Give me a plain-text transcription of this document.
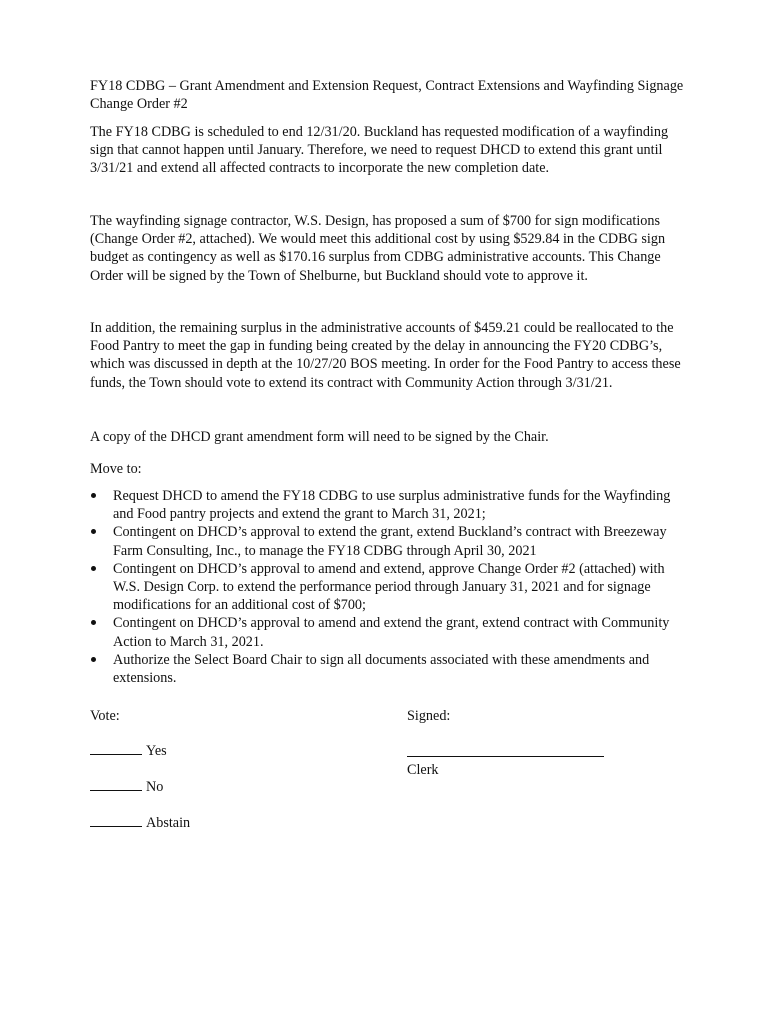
FY18 CDBG – Grant Amendment and Extension Request, Contract Extensions and Wayfinding Signage Change Order #2

The FY18 CDBG is scheduled to end 12/31/20. Buckland has requested modification of a wayfinding sign that cannot happen until January. Therefore, we need to request DHCD to extend this grant until 3/31/21 and extend all affected contracts to incorporate the new completion date.

The wayfinding signage contractor, W.S. Design, has proposed a sum of $700 for sign modifications (Change Order #2, attached). We would meet this additional cost by using $529.84 in the CDBG sign budget as contingency as well as $170.16 surplus from CDBG administrative accounts. This Change Order will be signed by the Town of Shelburne, but Buckland should vote to approve it.

In addition, the remaining surplus in the administrative accounts of $459.21 could be reallocated to the Food Pantry to meet the gap in funding being created by the delay in announcing the FY20 CDBG’s, which was discussed in depth at the 10/27/20 BOS meeting. In order for the Food Pantry to access these funds, the Town should vote to extend its contract with Community Action through 3/31/21.

A copy of the DHCD grant amendment form will need to be signed by the Chair.

Move to:

Request DHCD to amend the FY18 CDBG to use surplus administrative funds for the Wayfinding and Food pantry projects and extend the grant to March 31, 2021;
Contingent on DHCD’s approval to extend the grant, extend Buckland’s contract with Breezeway Farm Consulting, Inc., to manage the FY18 CDBG through April 30, 2021
Contingent on DHCD’s approval to amend and extend, approve Change Order #2 (attached) with W.S. Design Corp. to extend the performance period through January 31, 2021 and for signage modifications for an additional cost of $700;
Contingent on DHCD’s approval to amend and extend the grant, extend contract with Community Action to March 31, 2021.
Authorize the Select Board Chair to sign all documents associated with these amendments and extensions.

Vote:	Signed:

Yes

No

Abstain

Clerk
